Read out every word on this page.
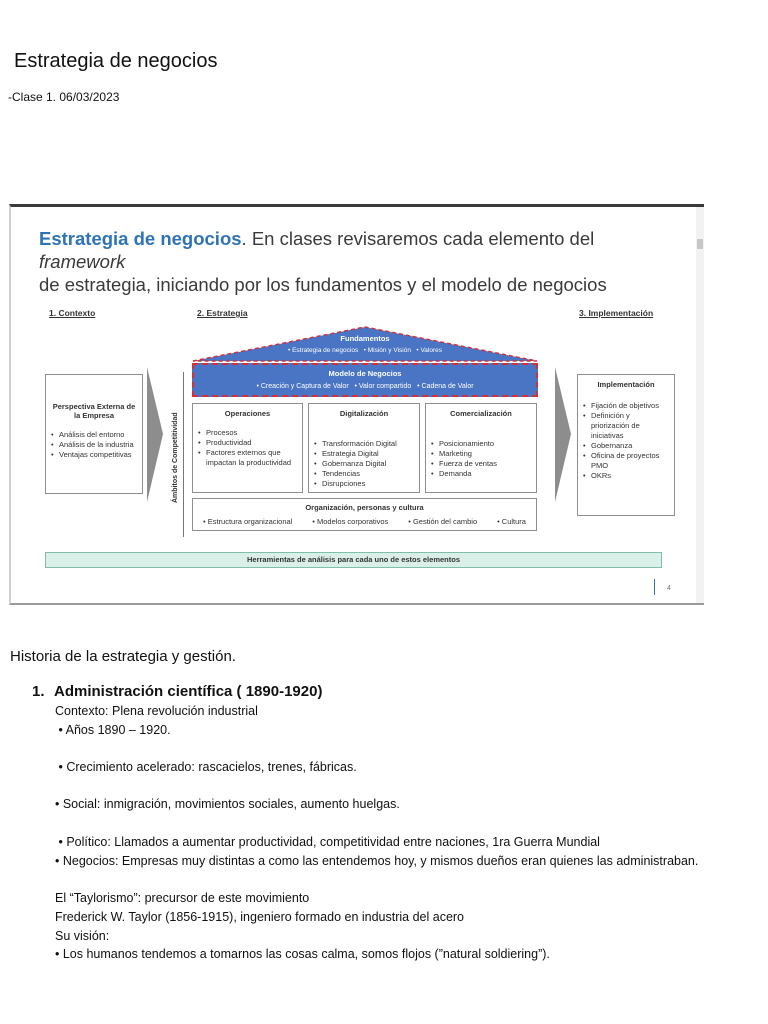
Estrategia de negocios
-Clase 1. 06/03/2023
Estrategia de negocios. En clases revisaremos cada elemento del framework
de estrategia, iniciando por los fundamentos y el modelo de negocios
1. Contexto	2. Estrategia	3. Implementación
Perspectiva Externa de la Empresa
• Análisis del entorno
• Análisis de la industria
• Ventajas competitivas	Ámbitos de Competitividad
Fundamentos
• Estrategia de negocios   • Misión y Visión   • Valores
Modelo de Negocios
• Creación y Captura de Valor   • Valor compartido   • Cadena de Valor
Operaciones
• Procesos
• Productividad
• Factores externos que impactan la productividad
Digitalización
• Transformación Digital
• Estrategia Digital
• Gobernanza Digital
• Tendencias
• Disrupciones
Comercialización
• Posicionamiento
• Marketing
• Fuerza de ventas
• Demanda
Organización, personas y cultura
• Estructura organizacional	• Modelos corporativos	• Gestión del cambio	• Cultura
Implementación
• Fijación de objetivos
• Definición y priorización de iniciativas
• Gobernanza
• Oficina de proyectos PMO
• OKRs
Herramientas de análisis para cada uno de estos elementos
4
Historia de la estrategia y gestión.
1. Administración científica ( 1890-1920)
Contexto: Plena revolución industrial
• Años 1890 – 1920.
• Crecimiento acelerado: rascacielos, trenes, fábricas.
• Social: inmigración, movimientos sociales, aumento huelgas.
• Político: Llamados a aumentar productividad, competitividad entre naciones, 1ra Guerra Mundial
• Negocios: Empresas muy distintas a como las entendemos hoy, y mismos dueños eran quienes las administraban.
El “Taylorismo”: precursor de este movimiento
Frederick W. Taylor (1856-1915), ingeniero formado en industria del acero
Su visión:
• Los humanos tendemos a tomarnos las cosas calma, somos flojos (”natural soldiering”).
